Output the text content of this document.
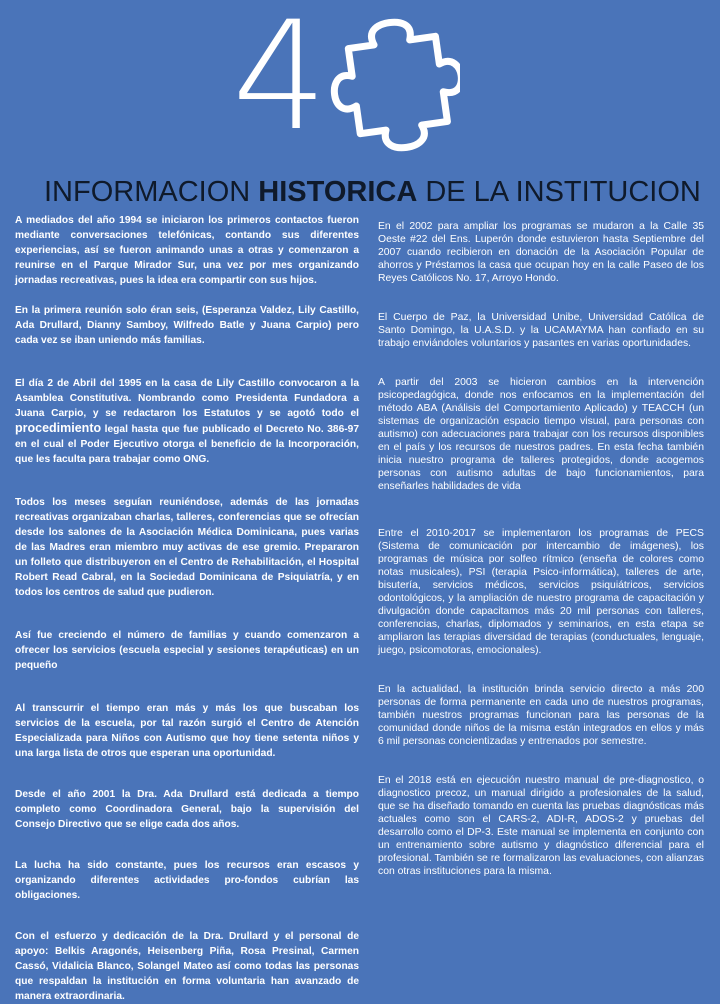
4
INFORMACION HISTORICA DE LA INSTITUCION

A mediados del año 1994 se iniciaron los primeros contactos fueron mediante conversaciones telefónicas, contando sus diferentes experiencias, así se fueron animando unas a otras y comenzaron a reunirse en el Parque Mirador Sur, una vez por mes organizando jornadas recreativas, pues la idea era compartir con sus hijos.

En la primera reunión solo éran seis, (Esperanza Valdez, Lily Castillo, Ada Drullard, Dianny Samboy, Wilfredo Batle y Juana Carpio) pero cada vez se iban uniendo más familias.

El día 2 de Abril del 1995 en la casa de Lily Castillo convocaron a la Asamblea Constitutiva. Nombrando como Presidenta Fundadora a Juana Carpio, y se redactaron los Estatutos y se agotó todo el procedimiento legal hasta que fue publicado el Decreto No. 386-97 en el cual el Poder Ejecutivo otorga el beneficio de la Incorporación, que les faculta para trabajar como ONG.

Todos los meses seguían reuniéndose, además de las jornadas recreativas organizaban charlas, talleres, conferencias que se ofrecían desde los salones de la Asociación Médica Dominicana, pues varias de las Madres eran miembro muy activas de ese gremio. Prepararon un folleto que distribuyeron en el Centro de Rehabilitación, el Hospital Robert Read Cabral, en la Sociedad Dominicana de Psiquiatría, y en todos los centros de salud que pudieron.

Así fue creciendo el número de familias y cuando comenzaron a ofrecer los servicios (escuela especial y sesiones terapéuticas) en un pequeño

Al transcurrir el tiempo eran más y más los que buscaban los servicios de la escuela, por tal razón surgió el Centro de Atención Especializada para Niños con Autismo que hoy tiene setenta niños y una larga lista de otros que esperan una oportunidad.

Desde el año 2001 la Dra. Ada Drullard está dedicada a tiempo completo como Coordinadora General, bajo la supervisión del Consejo Directivo que se elige cada dos años.

La lucha ha sido constante, pues los recursos eran escasos y organizando diferentes actividades pro-fondos cubrían las obligaciones.

Con el esfuerzo y dedicación de la Dra. Drullard y el personal de apoyo: Belkis Aragonés, Heisenberg Piña, Rosa Presinal, Carmen Cassó, Vidalicia Blanco, Solangel Mateo así como todas las personas que respaldan la institución en forma voluntaria han avanzado de manera extraordinaria.

En el 2002 para ampliar los programas se mudaron a la Calle 35 Oeste #22 del Ens. Luperón donde estuvieron hasta Septiembre del 2007 cuando recibieron en donación de la Asociación Popular de ahorros y Préstamos la casa que ocupan hoy en la calle Paseo de los Reyes Católicos No. 17, Arroyo Hondo.

El Cuerpo de Paz, la Universidad Unibe, Universidad Católica de Santo Domingo, la U.A.S.D. y la UCAMAYMA han confiado en su trabajo enviándoles voluntarios y pasantes en varias oportunidades.

A partir del 2003 se hicieron cambios en la intervención psicopedagógica, donde nos enfocamos en la implementación del método ABA (Análisis del Comportamiento Aplicado) y TEACCH (un sistemas de organización espacio tiempo visual, para personas con autismo) con adecuaciones para trabajar con los recursos disponibles en el país y los recursos de nuestros padres. En esta fecha también inicia nuestro programa de talleres protegidos, donde acogemos personas con autismo adultas de bajo funcionamientos, para enseñarles habilidades de vida

Entre el 2010-2017 se implementaron los programas de PECS (Sistema de comunicación por intercambio de imágenes), los programas de música por solfeo rítmico (enseña de colores como notas musicales), PSI (terapia Psico-informática), talleres de arte, bisutería, servicios médicos, servicios psiquiátricos, servicios odontológicos, y la ampliación de nuestro programa de capacitación y divulgación donde capacitamos más 20 mil personas con talleres, conferencias, charlas, diplomados y seminarios, en esta etapa se ampliaron las terapias diversidad de terapias (conductuales, lenguaje, juego, psicomotoras, emocionales).

En la actualidad, la institución brinda servicio directo a más 200 personas de forma permanente en cada uno de nuestros programas, también nuestros programas funcionan para las personas de la comunidad donde niños de la misma están integrados en ellos y más 6 mil personas concientizadas y entrenados por semestre.

En el 2018 está en ejecución nuestro manual de pre-diagnostico, o diagnostico precoz, un manual dirigido a profesionales de la salud, que se ha diseñado tomando en cuenta las pruebas diagnósticas más actuales como son el CARS-2, ADI-R, ADOS-2 y pruebas del desarrollo como el DP-3. Este manual se implementa en conjunto con un entrenamiento sobre autismo y diagnóstico diferencial para el profesional. También se re formalizaron las evaluaciones, con alianzas con otras instituciones para la misma.
